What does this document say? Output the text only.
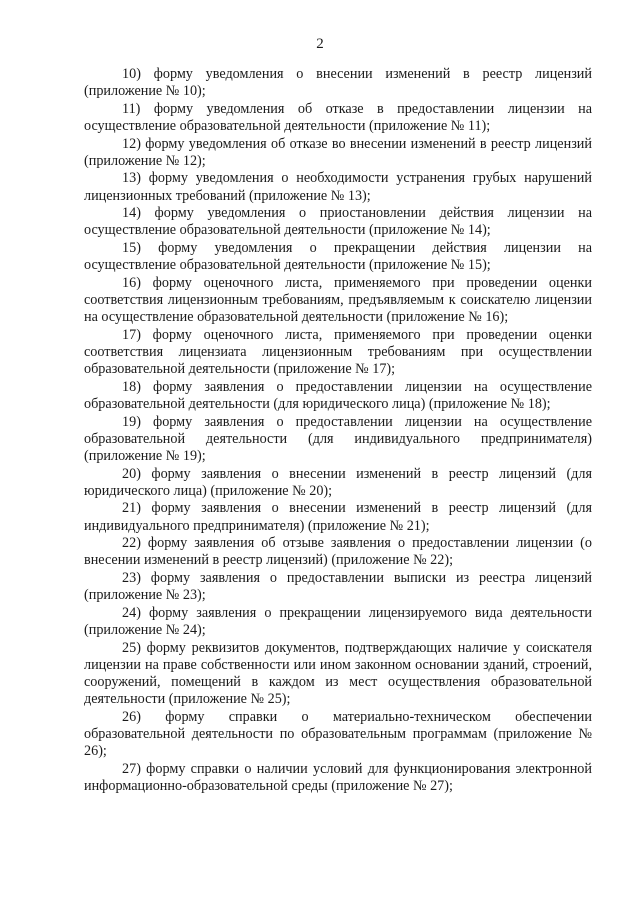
2

10) форму уведомления о внесении изменений в реестр лицензий (приложение № 10);

11) форму уведомления об отказе в предоставлении лицензии на осуществление образовательной деятельности (приложение № 11);

12) форму уведомления об отказе во внесении изменений в реестр лицензий (приложение № 12);

13) форму уведомления о необходимости устранения грубых нарушений лицензионных требований (приложение № 13);

14) форму уведомления о приостановлении действия лицензии на осуществление образовательной деятельности (приложение № 14);

15) форму уведомления о прекращении действия лицензии на осуществление образовательной деятельности (приложение № 15);

16) форму оценочного листа, применяемого при проведении оценки соответствия лицензионным требованиям, предъявляемым к соискателю лицензии на осуществление образовательной деятельности (приложение № 16);

17) форму оценочного листа, применяемого при проведении оценки соответствия лицензиата лицензионным требованиям при осуществлении образовательной деятельности (приложение № 17);

18) форму заявления о предоставлении лицензии на осуществление образовательной деятельности (для юридического лица) (приложение № 18);

19) форму заявления о предоставлении лицензии на осуществление образовательной деятельности (для индивидуального предпринимателя) (приложение № 19);

20) форму заявления о внесении изменений в реестр лицензий (для юридического лица) (приложение № 20);

21) форму заявления о внесении изменений в реестр лицензий (для индивидуального предпринимателя) (приложение № 21);

22) форму заявления об отзыве заявления о предоставлении лицензии (о внесении изменений в реестр лицензий) (приложение № 22);

23) форму заявления о предоставлении выписки из реестра лицензий (приложение № 23);

24) форму заявления о прекращении лицензируемого вида деятельности (приложение № 24);

25) форму реквизитов документов, подтверждающих наличие у соискателя лицензии на праве собственности или ином законном основании зданий, строений, сооружений, помещений в каждом из мест осуществления образовательной деятельности (приложение № 25);

26) форму справки о материально-техническом обеспечении образовательной деятельности по образовательным программам (приложение № 26);

27) форму справки о наличии условий для функционирования электронной информационно-образовательной среды (приложение № 27);
